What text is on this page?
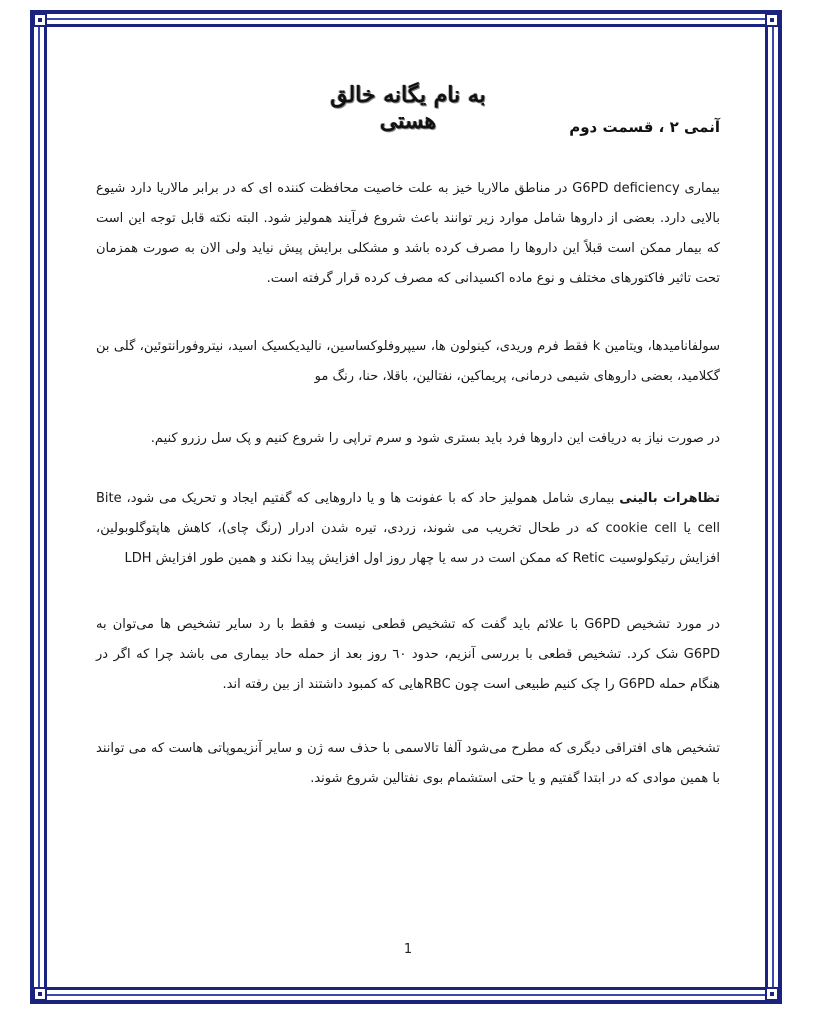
به نام یگانه خالق هستی	آنمی ۲ ، قسمت دوم

بیماری G6PD deficiency در مناطق مالاریا خیز به علت خاصیت محافظت کننده ای که در برابر مالاریا دارد شیوع بالایی دارد. بعضی از داروها شامل موارد زیر توانند باعث شروع فرآیند همولیز شود. البته نکته قابل توجه این است که بیمار ممکن است قبلاً این داروها را مصرف کرده باشد و مشکلی برایش پیش نیاید ولی الان به صورت همزمان تحت تاثیر فاکتورهای مختلف و نوع ماده اکسیدانی که مصرف کرده قرار گرفته است.

سولفانامیدها، ویتامین k فقط فرم وریدی، کینولون ها، سیپروفلوکساسین، نالیدیکسیک اسید، نیتروفورانتوئین، گلی بن گکلامید، بعضی داروهای شیمی درمانی، پریماکین، نفتالین، باقلا، حنا، رنگ مو

در صورت نیاز به دریافت این داروها فرد باید بستری شود و سرم تراپی را شروع کنیم و پک سل رزرو کنیم.

تظاهرات بالینی بیماری شامل همولیز حاد که با عفونت ها و یا داروهایی که گفتیم ایجاد و تحریک می شود، Bite cell یا cookie cell که در طحال تخریب می شوند، زردی، تیره شدن ادرار (رنگ چای)، کاهش هاپتوگلوبولین، افزایش رتیکولوسیت Retic که ممکن است در سه یا چهار روز اول افزایش پیدا نکند و همین طور افزایش LDH

در مورد تشخیص G6PD با علائم باید گفت که تشخیص قطعی نیست و فقط با رد سایر تشخیص ها می‌توان به G6PD شک کرد. تشخیص قطعی با بررسی آنزیم، حدود ٦٠ روز بعد از حمله حاد بیماری می باشد چرا که اگر در هنگام حمله G6PD را چک کنیم طبیعی است چون RBCهایی که کمبود داشتند از بین رفته اند.

تشخیص های افتراقی دیگری که مطرح می‌شود آلفا تالاسمی با حذف سه ژن و سایر آنزیموپاتی هاست که می توانند با همین موادی که در ابتدا گفتیم و یا حتی استشمام بوی نفتالین شروع شوند.

1
